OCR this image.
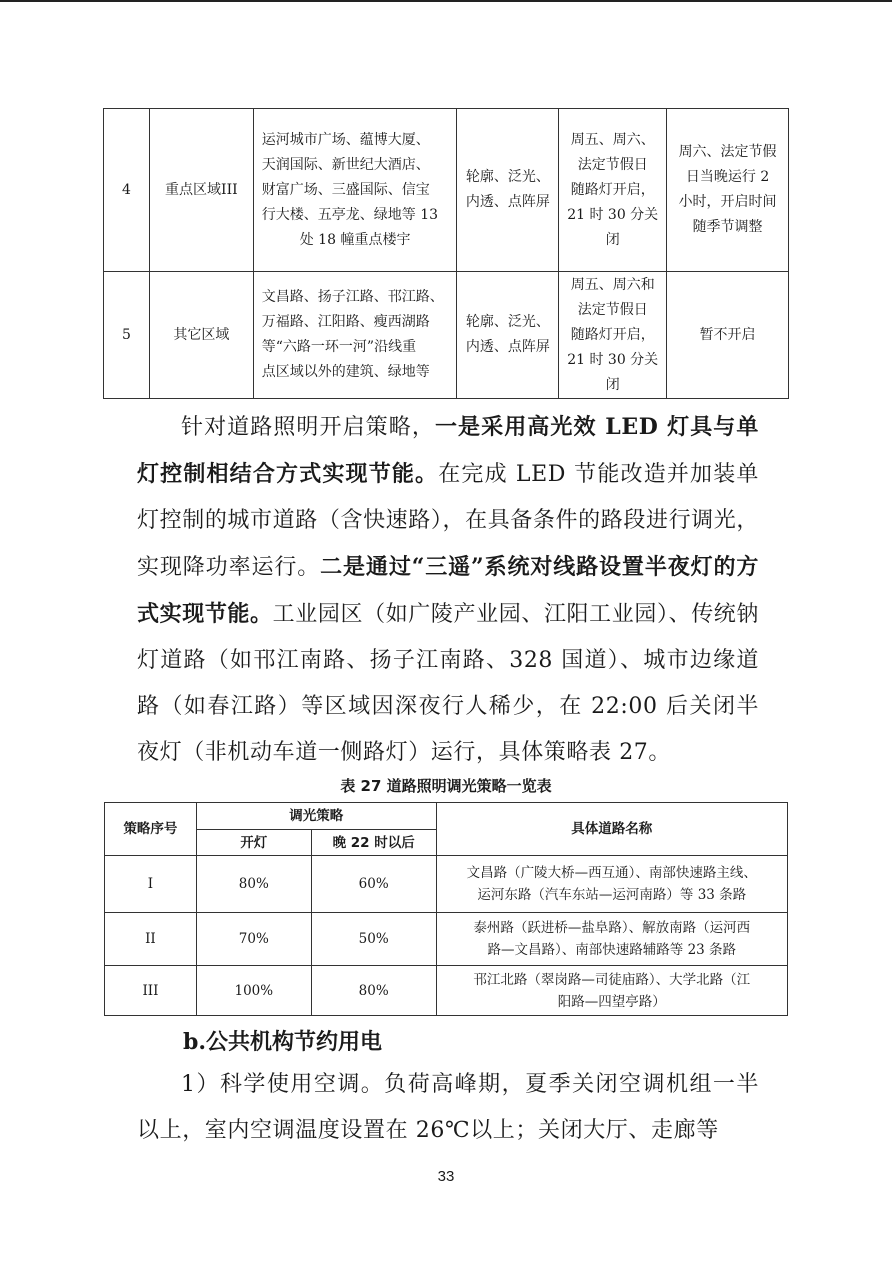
4	重点区域III	运河城市广场、蕴博大厦、
天润国际、新世纪大酒店、
财富广场、三盛国际、信宝
行大楼、五亭龙、绿地等 13
处 18 幢重点楼宇	轮廓、泛光、
内透、点阵屏	周五、周六、
法定节假日
随路灯开启，
21 时 30 分关
闭	周六、法定节假
日当晚运行 2
小时，开启时间
随季节调整

5	其它区域	文昌路、扬子江路、邗江路、
万福路、江阳路、瘦西湖路
等“六路一环一河”沿线重
点区域以外的建筑、绿地等	轮廓、泛光、
内透、点阵屏	周五、周六和
法定节假日
随路灯开启，
21 时 30 分关
闭	暂不开启
针对道路照明开启策略，一是采用高光效 LED 灯具与单灯控制相结合方式实现节能。在完成 LED 节能改造并加装单灯控制的城市道路（含快速路），在具备条件的路段进行调光，实现降功率运行。二是通过“三遥”系统对线路设置半夜灯的方式实现节能。工业园区（如广陵产业园、江阳工业园）、传统钠灯道路（如邗江南路、扬子江南路、328 国道）、城市边缘道路（如春江路）等区域因深夜行人稀少，在 22:00 后关闭半夜灯（非机动车道一侧路灯）运行，具体策略表 27。
表 27 道路照明调光策略一览表
策略序号	调光策略		具体道路名称
	开灯	晚 22 时以后	
I	80%	60%	文昌路（广陵大桥—西互通）、南部快速路主线、
运河东路（汽车东站—运河南路）等 33 条路

II	70%	50%	泰州路（跃进桥—盐阜路）、解放南路（运河西
路—文昌路）、南部快速路辅路等 23 条路

III	100%	80%	邗江北路（翠岗路—司徒庙路）、大学北路（江
阳路—四望亭路）
b.公共机构节约用电
1）科学使用空调。负荷高峰期，夏季关闭空调机组一半以上，室内空调温度设置在 26℃以上；关闭大厅、走廊等
33
